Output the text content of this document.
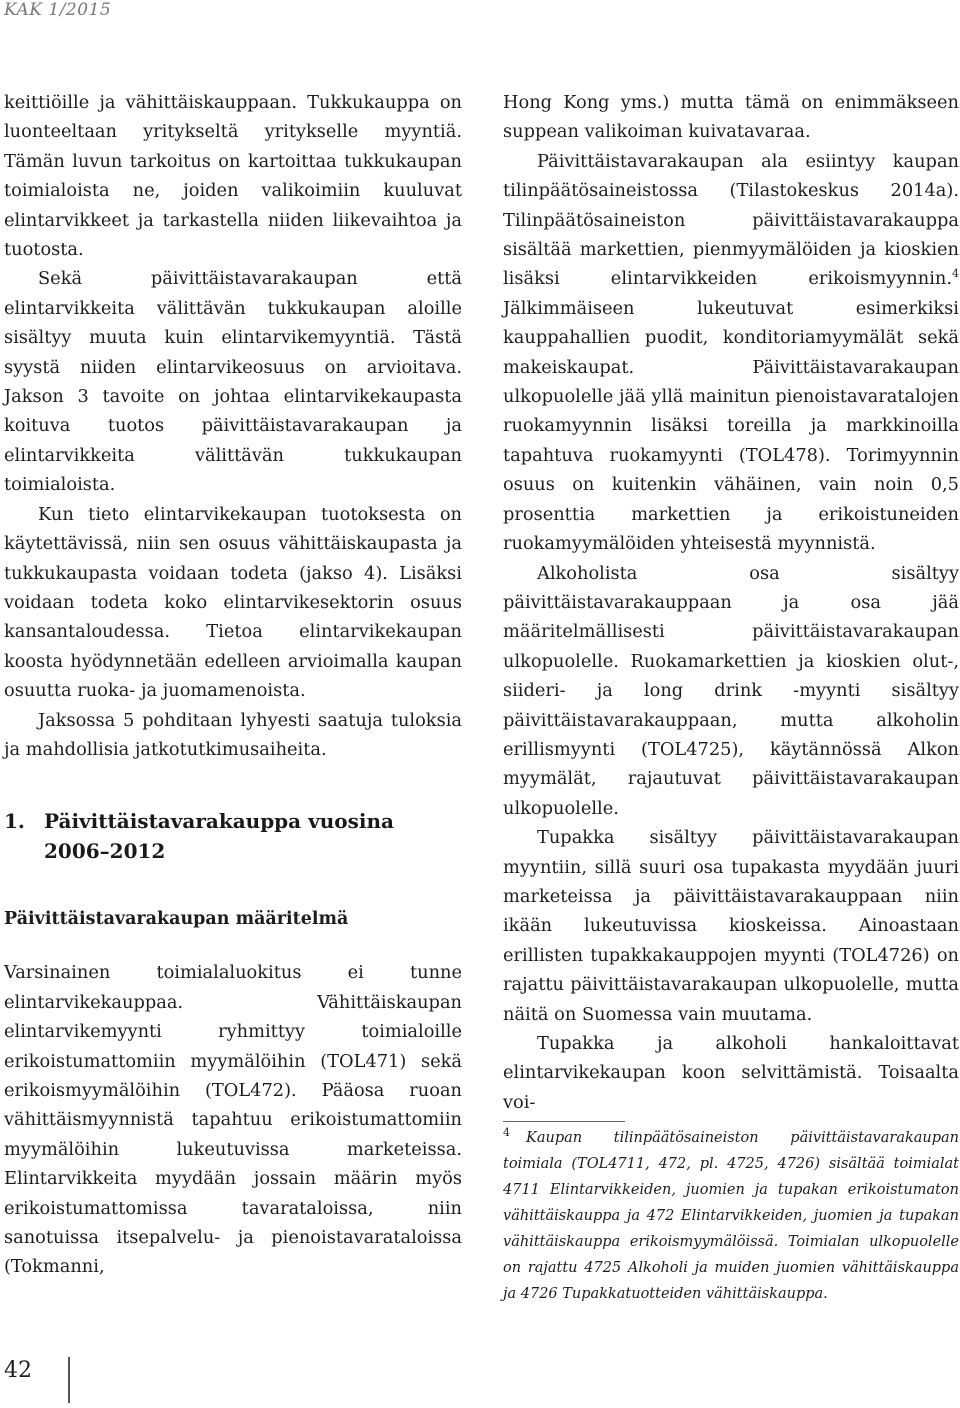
KAK 1/2015

keittiöille ja vähittäiskauppaan. Tukkukauppa on luonteeltaan yritykseltä yritykselle myyntiä. Tämän luvun tarkoitus on kartoittaa tukkukaupan toimialoista ne, joiden valikoimiin kuuluvat elintarvikkeet ja tarkastella niiden liikevaihtoa ja tuotosta.

Sekä päivittäistavarakaupan että elintarvikkeita välittävän tukkukaupan aloille sisältyy muuta kuin elintarvikemyyntiä. Tästä syystä niiden elintarvikeosuus on arvioitava. Jakson 3 tavoite on johtaa elintarvikekaupasta koituva tuotos päivittäistavarakaupan ja elintarvikkeita välittävän tukkukaupan toimialoista.

Kun tieto elintarvikekaupan tuotoksesta on käytettävissä, niin sen osuus vähittäiskaupasta ja tukkukaupasta voidaan todeta (jakso 4). Lisäksi voidaan todeta koko elintarvikesektorin osuus kansantaloudessa. Tietoa elintarvikekaupan koosta hyödynnetään edelleen arvioimalla kaupan osuutta ruoka- ja juomamenoista.

Jaksossa 5 pohditaan lyhyesti saatuja tuloksia ja mahdollisia jatkotutkimusaiheita.

1. Päivittäistavarakauppa vuosina
2006–2012
Päivittäistavarakaupan määritelmä

Varsinainen toimialaluokitus ei tunne elintarvikekauppaa. Vähittäiskaupan elintarvikemyynti ryhmittyy toimialoille erikoistumattomiin myymälöihin (TOL471) sekä erikoismyymälöihin (TOL472). Pääosa ruoan vähittäismyynnistä tapahtuu erikoistumattomiin myymälöihin lukeutuvissa marketeissa. Elintarvikkeita myydään jossain määrin myös erikoistumattomissa tavarataloissa, niin sanotuissa itsepalvelu- ja pienoistavarataloissa (Tokmanni,

Hong Kong yms.) mutta tämä on enimmäkseen suppean valikoiman kuivatavaraa.

Päivittäistavarakaupan ala esiintyy kaupan tilinpäätösaineistossa (Tilastokeskus 2014a). Tilinpäätösaineiston päivittäistavarakauppa sisältää markettien, pienmyymälöiden ja kioskien lisäksi elintarvikkeiden erikoismyynnin.$^4$ Jälkimmäiseen lukeutuvat esimerkiksi kauppahallien puodit, konditoriamyymälät sekä makeiskaupat. Päivittäistavarakaupan ulkopuolelle jää yllä mainitun pienoistavaratalojen ruokamyynnin lisäksi toreilla ja markkinoilla tapahtuva ruokamyynti (TOL478). Torimyynnin osuus on kuitenkin vähäinen, vain noin 0,5 prosenttia markettien ja erikoistuneiden ruokamyymälöiden yhteisestä myynnistä.

Alkoholista osa sisältyy päivittäistavarakauppaan ja osa jää määritelmällisesti päivittäistavarakaupan ulkopuolelle. Ruokamarkettien ja kioskien olut-, siideri- ja long drink -myynti sisältyy päivittäistavarakauppaan, mutta alkoholin erillismyynti (TOL4725), käytännössä Alkon myymälät, rajautuvat päivittäistavarakaupan ulkopuolelle.

Tupakka sisältyy päivittäistavarakaupan myyntiin, sillä suuri osa tupakasta myydään juuri marketeissa ja päivittäistavarakauppaan niin ikään lukeutuvissa kioskeissa. Ainoastaan erillisten tupakkakauppojen myynti (TOL4726) on rajattu päivittäistavarakaupan ulkopuolelle, mutta näitä on Suomessa vain muutama.

Tupakka ja alkoholi hankaloittavat elintarvikekaupan koon selvittämistä. Toisaalta voi-

$^4$ Kaupan tilinpäätösaineiston päivittäistavarakaupan toimiala (TOL4711, 472, pl. 4725, 4726) sisältää toimialat 4711 Elintarvikkeiden, juomien ja tupakan erikoistumaton vähittäiskauppa ja 472 Elintarvikkeiden, juomien ja tupakan vähittäiskauppa erikoismyymälöissä. Toimialan ulkopuolelle on rajattu 4725 Alkoholi ja muiden juomien vähittäiskauppa ja 4726 Tupakkatuotteiden vähittäiskauppa.
42
